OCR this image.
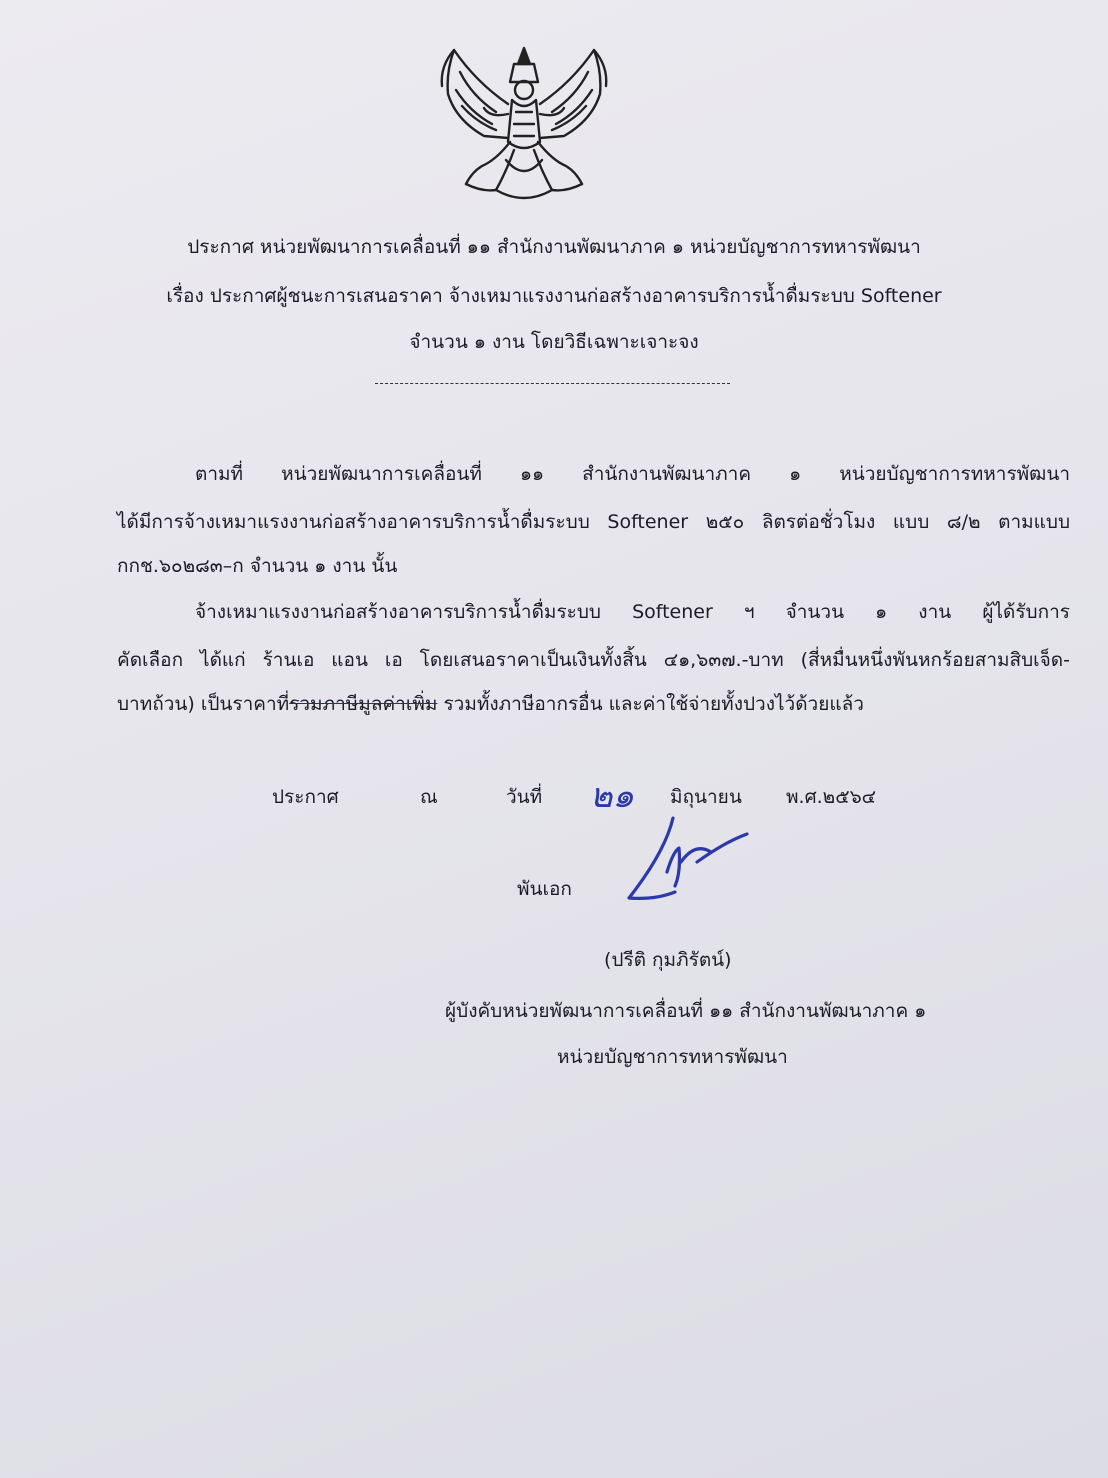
ประกาศ หน่วยพัฒนาการเคลื่อนที่ ๑๑ สำนักงานพัฒนาภาค ๑ หน่วยบัญชาการทหารพัฒนา
เรื่อง ประกาศผู้ชนะการเสนอราคา จ้างเหมาแรงงานก่อสร้างอาคารบริการน้ำดื่มระบบ Softener
จำนวน ๑ งาน โดยวิธีเฉพาะเจาะจง
ตามที่ หน่วยพัฒนาการเคลื่อนที่ ๑๑ สำนักงานพัฒนาภาค ๑ หน่วยบัญชาการทหารพัฒนา
ได้มีการจ้างเหมาแรงงานก่อสร้างอาคารบริการน้ำดื่มระบบ Softener ๒๕๐ ลิตรต่อชั่วโมง แบบ ๘/๒ ตามแบบ
กกช.๖๐๒๘๓–ก จำนวน ๑ งาน นั้น
จ้างเหมาแรงงานก่อสร้างอาคารบริการน้ำดื่มระบบ Softener ฯ จำนวน ๑ งาน ผู้ได้รับการ
คัดเลือก ได้แก่ ร้านเอ แอน เอ โดยเสนอราคาเป็นเงินทั้งสิ้น ๔๑,๖๓๗.-บาท (สี่หมื่นหนึ่งพันหกร้อยสามสิบเจ็ด-
บาทถ้วน) เป็นราคาที่รวมภาษีมูลค่าเพิ่ม รวมทั้งภาษีอากรอื่น และค่าใช้จ่ายทั้งปวงไว้ด้วยแล้ว
ประกาศ	ณ	วันที่ ๒๑ มิถุนายน พ.ศ.๒๕๖๔
พันเอก
(ปรีติ กุมภิรัตน์)
ผู้บังคับหน่วยพัฒนาการเคลื่อนที่ ๑๑ สำนักงานพัฒนาภาค ๑
หน่วยบัญชาการทหารพัฒนา
